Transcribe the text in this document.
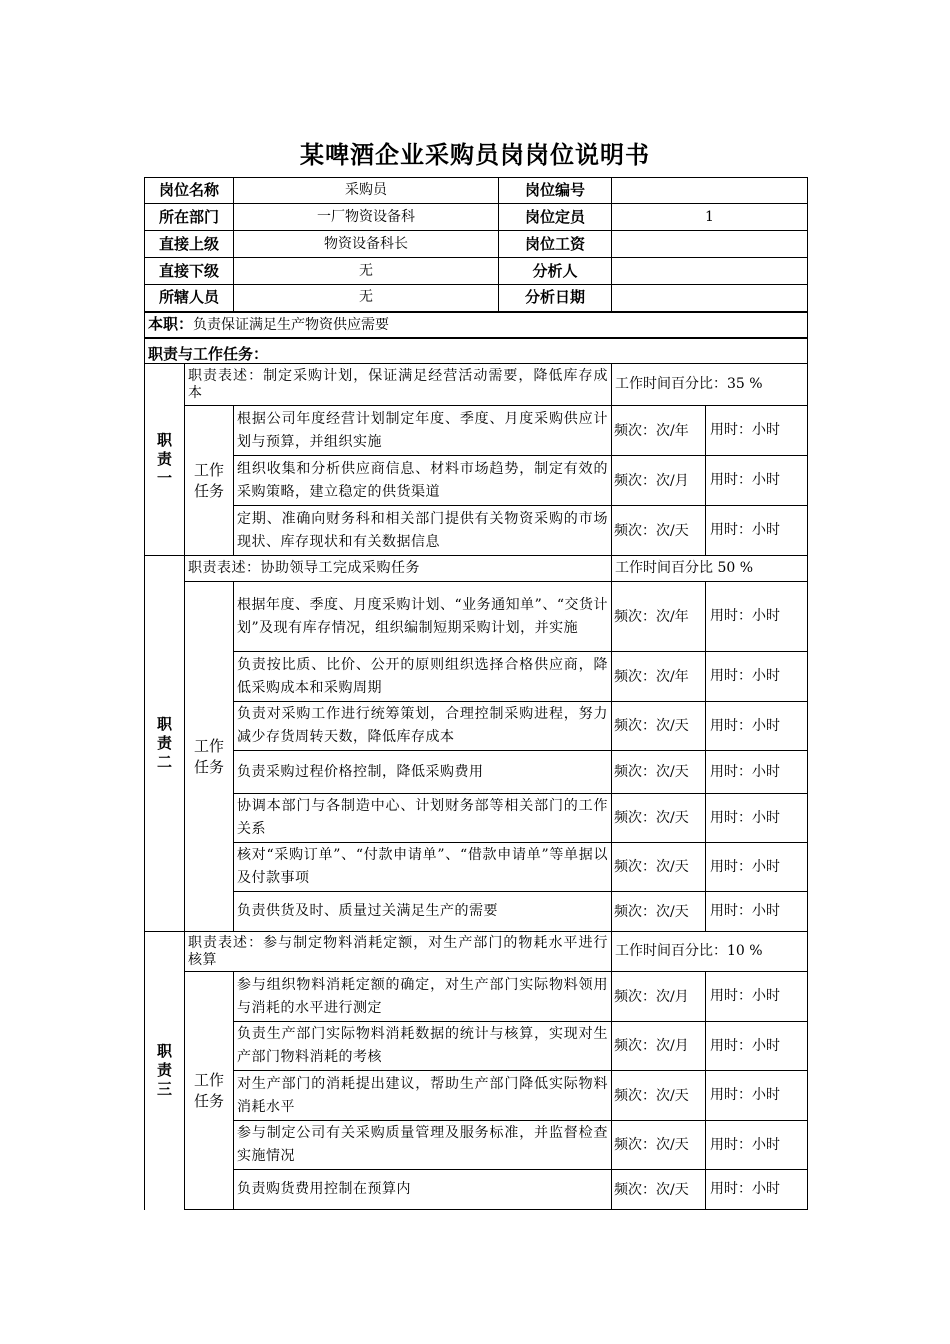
某啤酒企业采购员岗岗位说明书
岗位名称		采购员	岗位编号		
所在部门		一厂物资设备科	岗位定员	1	
直接上级		物资设备科长	岗位工资		
直接下级		无	分析人		
所辖人员		无	分析日期		
本职：负责保证满足生产物资供应需要					
职责与工作任务：					

职责一	职责表述：制定采购计划，保证满足经营活动需要，降低库存成本			工作时间百分比：35 %	

	工作任务	根据公司年度经营计划制定年度、季度、月度采购供应计划与预算，并组织实施		频次：次/年	用时：小时
		组织收集和分析供应商信息、材料市场趋势，制定有效的采购策略，建立稳定的供货渠道		频次：次/月	用时：小时
		定期、准确向财务科和相关部门提供有关物资采购的市场现状、库存现状和有关数据信息		频次：次/天	用时：小时

职责二	职责表述：协助领导工完成采购任务			工作时间百分比 50 %	

	工作任务	根据年度、季度、月度采购计划、“业务通知单”、“交货计划”及现有库存情况，组织编制短期采购计划，并实施		频次：次/年	用时：小时
		负责按比质、比价、公开的原则组织选择合格供应商，降低采购成本和采购周期		频次：次/年	用时：小时
		负责对采购工作进行统筹策划，合理控制采购进程，努力减少存货周转天数，降低库存成本		频次：次/天	用时：小时
		负责采购过程价格控制，降低采购费用		频次：次/天	用时：小时
		协调本部门与各制造中心、计划财务部等相关部门的工作关系		频次：次/天	用时：小时
		核对“采购订单”、“付款申请单”、“借款申请单”等单据以及付款事项		频次：次/天	用时：小时
		负责供货及时、质量过关满足生产的需要		频次：次/天	用时：小时

职责三	职责表述：参与制定物料消耗定额，对生产部门的物耗水平进行核算			工作时间百分比：10 %	

	工作任务	参与组织物料消耗定额的确定，对生产部门实际物料领用与消耗的水平进行测定		频次：次/月	用时：小时
		负责生产部门实际物料消耗数据的统计与核算，实现对生产部门物料消耗的考核		频次：次/月	用时：小时
		对生产部门的消耗提出建议，帮助生产部门降低实际物料消耗水平		频次：次/天	用时：小时
		参与制定公司有关采购质量管理及服务标准，并监督检查实施情况		频次：次/天	用时：小时
		负责购货费用控制在预算内		频次：次/天	用时：小时
